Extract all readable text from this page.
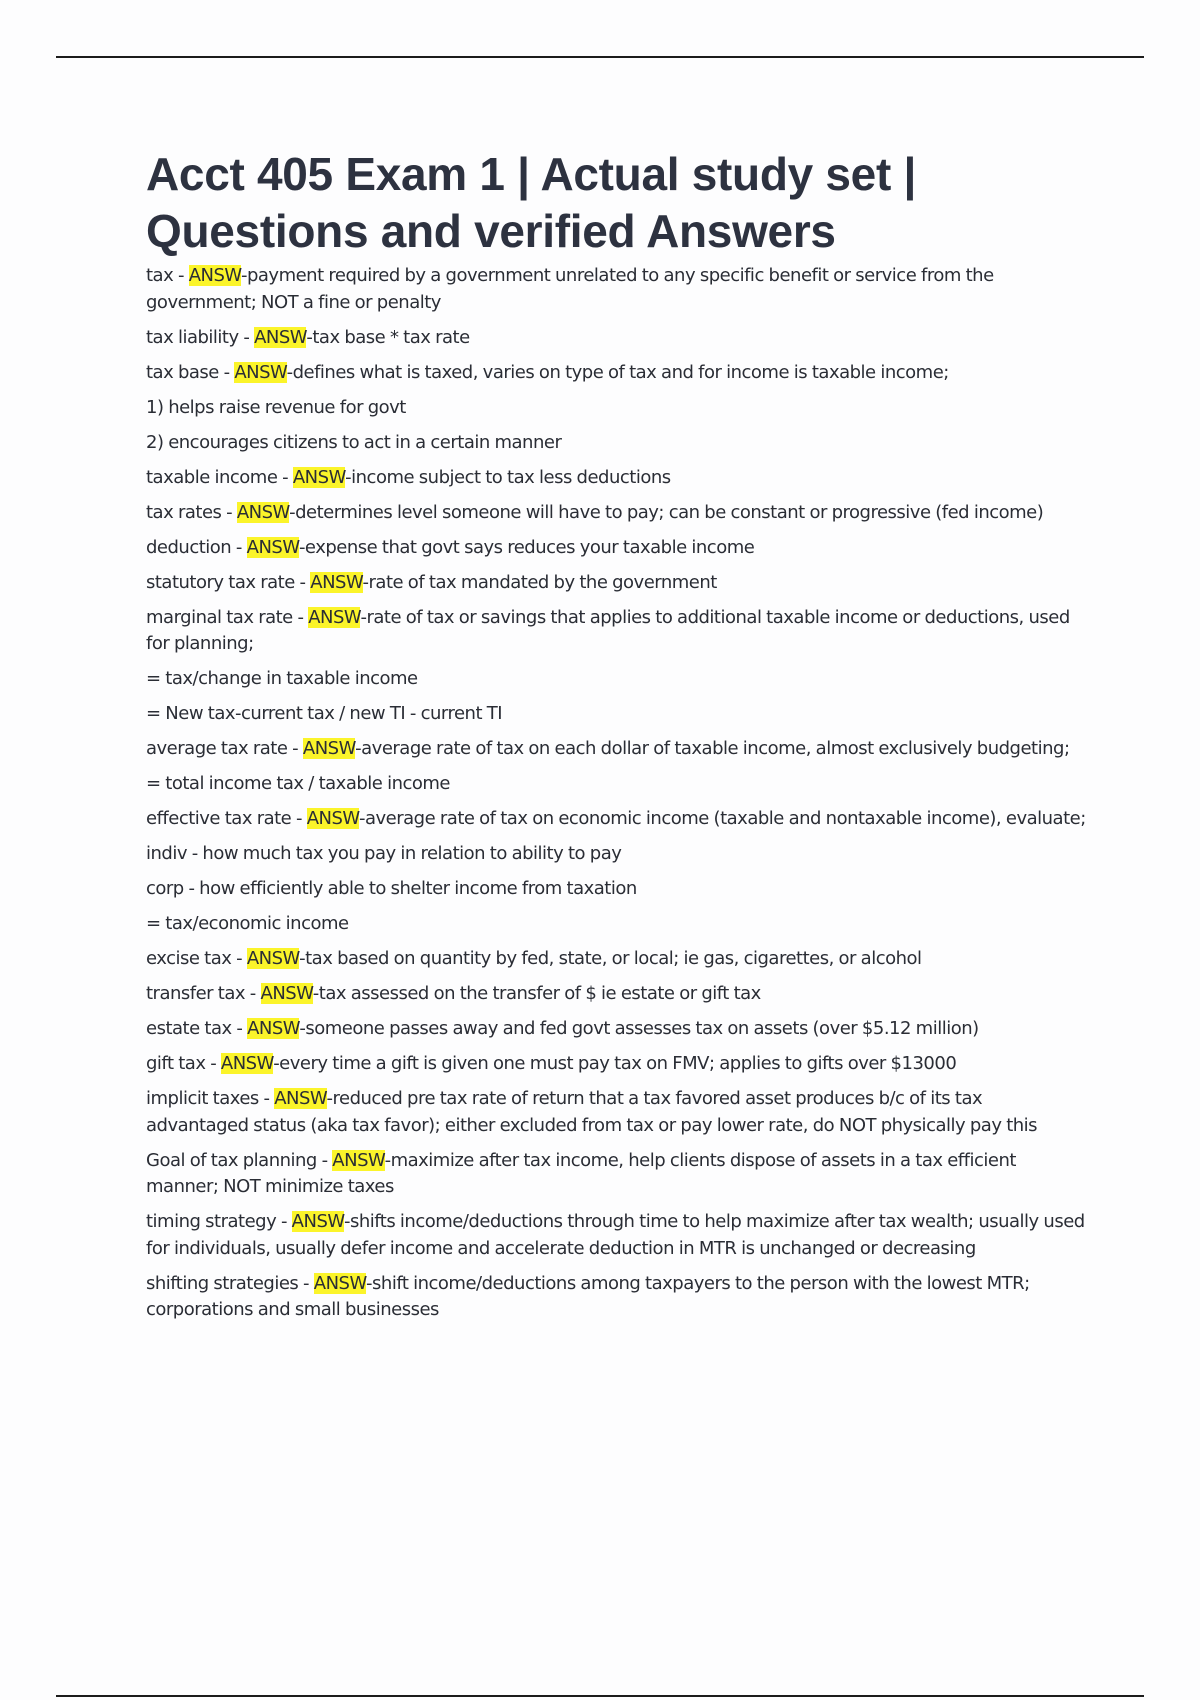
Acct 405 Exam 1 | Actual study set | Questions and verified Answers
tax - ANSW-payment required by a government unrelated to any specific benefit or service from the government; NOT a fine or penalty
tax liability - ANSW-tax base * tax rate
tax base - ANSW-defines what is taxed, varies on type of tax and for income is taxable income;
1) helps raise revenue for govt
2) encourages citizens to act in a certain manner
taxable income - ANSW-income subject to tax less deductions
tax rates - ANSW-determines level someone will have to pay; can be constant or progressive (fed income)
deduction - ANSW-expense that govt says reduces your taxable income
statutory tax rate - ANSW-rate of tax mandated by the government
marginal tax rate - ANSW-rate of tax or savings that applies to additional taxable income or deductions, used for planning;
= tax/change in taxable income
= New tax-current tax / new TI - current TI
average tax rate - ANSW-average rate of tax on each dollar of taxable income, almost exclusively budgeting;
= total income tax / taxable income
effective tax rate - ANSW-average rate of tax on economic income (taxable and nontaxable income), evaluate;
indiv - how much tax you pay in relation to ability to pay
corp - how efficiently able to shelter income from taxation
= tax/economic income
excise tax - ANSW-tax based on quantity by fed, state, or local; ie gas, cigarettes, or alcohol
transfer tax - ANSW-tax assessed on the transfer of $ ie estate or gift tax
estate tax - ANSW-someone passes away and fed govt assesses tax on assets (over $5.12 million)
gift tax - ANSW-every time a gift is given one must pay tax on FMV; applies to gifts over $13000
implicit taxes - ANSW-reduced pre tax rate of return that a tax favored asset produces b/c of its tax advantaged status (aka tax favor); either excluded from tax or pay lower rate, do NOT physically pay this
Goal of tax planning - ANSW-maximize after tax income, help clients dispose of assets in a tax efficient manner; NOT minimize taxes
timing strategy - ANSW-shifts income/deductions through time to help maximize after tax wealth; usually used for individuals, usually defer income and accelerate deduction in MTR is unchanged or decreasing
shifting strategies - ANSW-shift income/deductions among taxpayers to the person with the lowest MTR; corporations and small businesses
